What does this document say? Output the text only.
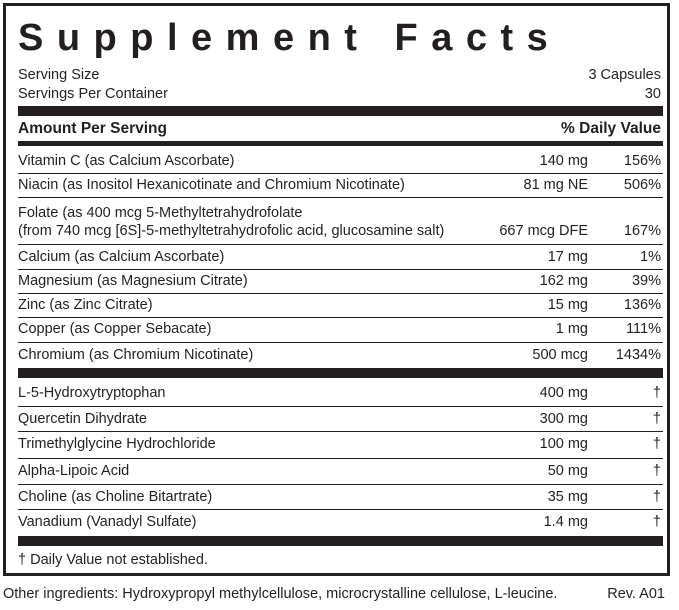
Supplement Facts
Serving Size	3 Capsules
Servings Per Container	30
Amount Per Serving	% Daily Value
Vitamin C (as Calcium Ascorbate)	140 mg 156%
Niacin (as Inositol Hexanicotinate and Chromium Nicotinate)	81 mg NE 506%
Folate (as 400 mcg 5-Methyltetrahydrofolate
(from 740 mcg [6S]-5-methyltetrahydrofolic acid, glucosamine salt)	667 mcg DFE 167%
Calcium (as Calcium Ascorbate)	17 mg	1%
Magnesium (as Magnesium Citrate)	162 mg	39%
Zinc (as Zinc Citrate)	15 mg 136%
Copper (as Copper Sebacate)	1 mg	111%
Chromium (as Chromium Nicotinate)	500 mcg 1434%
L-5-Hydroxytryptophan	400 mg	†
Quercetin Dihydrate	300 mg	†
Trimethylglycine Hydrochloride	100 mg	†
Alpha-Lipoic Acid	50 mg	†
Choline (as Choline Bitartrate)	35 mg	†
Vanadium (Vanadyl Sulfate)	1.4 mg	†
† Daily Value not established.
Other ingredients: Hydroxypropyl methylcellulose, microcrystalline cellulose, L-leucine.	Rev. A01
